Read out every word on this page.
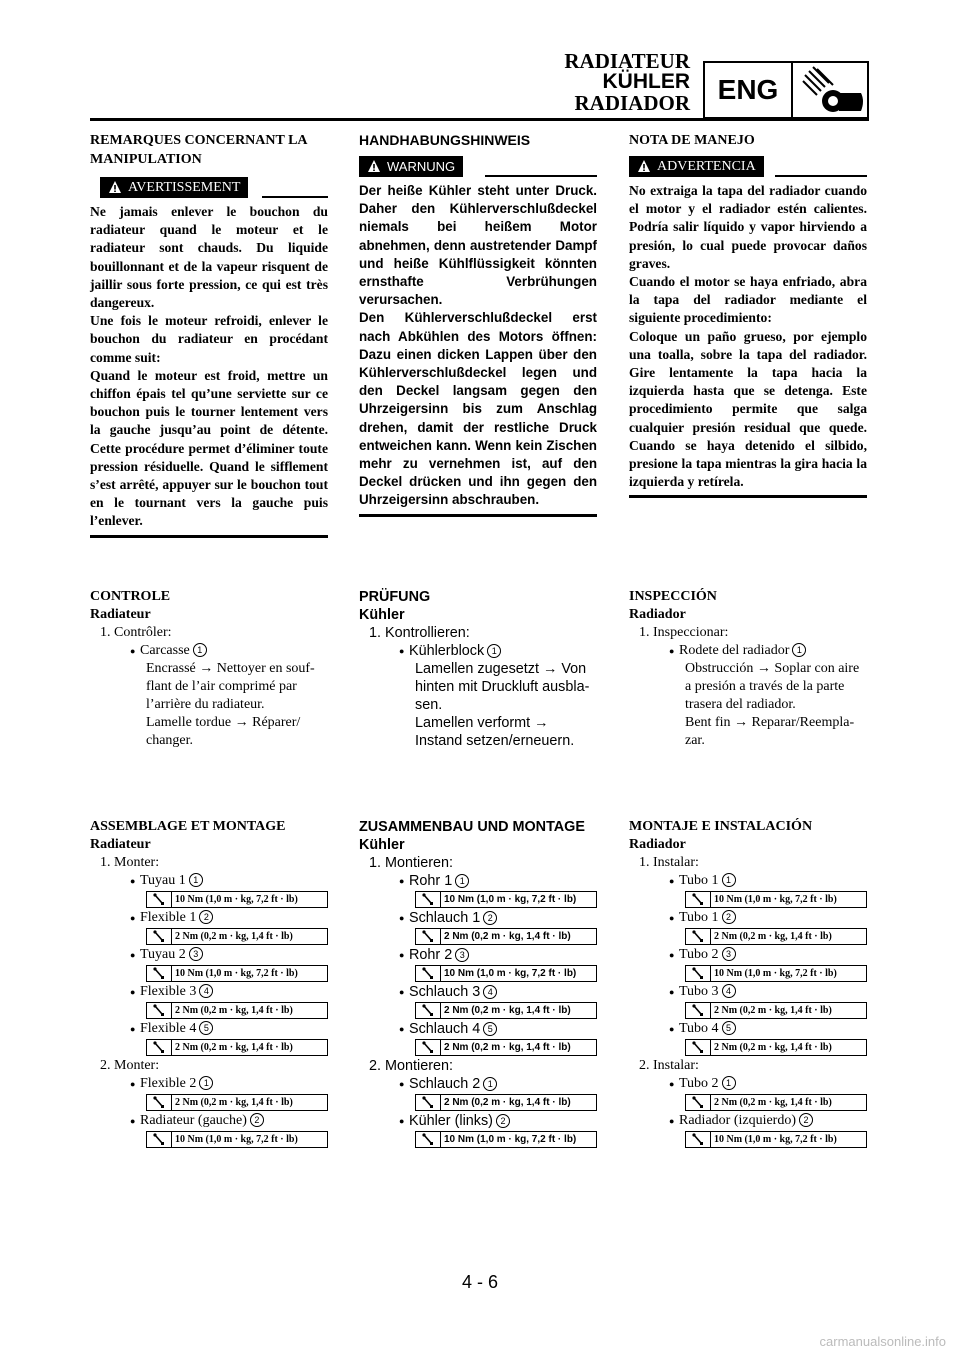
RADIATEUR
KÜHLER
RADIADOR ENG
REMARQUES CONCERNANT LA MANIPULATION
AVERTISSEMENT
Ne jamais enlever le bouchon du radiateur quand le moteur et le radiateur sont chauds. Du liquide bouillonnant et de la vapeur risquent de jaillir sous forte pression, ce qui est très dangereux.
Une fois le moteur refroidi, enlever le bouchon du radiateur en procédant comme suit:
Quand le moteur est froid, mettre un chiffon épais tel qu’une serviette sur ce bouchon puis le tourner lentement vers la gauche jusqu’au point de détente. Cette procédure permet d’éliminer toute pression résiduelle. Quand le sifflement s’est arrêté, appuyer sur le bouchon tout en le tournant vers la gauche puis l’enlever.
HANDHABUNGSHINWEIS
WARNUNG
Der heiße Kühler steht unter Druck. Daher den Kühlerverschlußdeckel niemals bei heißem Motor abnehmen, denn austretender Dampf und heiße Kühlflüssigkeit könnten ernsthafte Verbrühungen verursachen.
Den Kühlerverschlußdeckel erst nach Abkühlen des Motors öffnen: Dazu einen dicken Lappen über den Kühlerverschlußdeckel legen und den Deckel langsam gegen den Uhrzeigersinn bis zum Anschlag drehen, damit der restliche Druck entweichen kann. Wenn kein Zischen mehr zu vernehmen ist, auf den Deckel drücken und ihn gegen den Uhrzeigersinn abschrauben.
NOTA DE MANEJO
ADVERTENCIA
No extraiga la tapa del radiador cuando el motor y el radiador estén calientes. Podría salir líquido y vapor hirviendo a presión, lo cual puede provocar daños graves.
Cuando el motor se haya enfriado, abra la tapa del radiador mediante el siguiente procedimiento:
Coloque un paño grueso, por ejemplo una toalla, sobre la tapa del radiador. Gire lentamente la tapa hacia la izquierda hasta que se detenga. Este procedimiento permite que salga cualquier presión residual que quede. Cuando se haya detenido el silbido, presione la tapa mientras la gira hacia la izquierda y retírela.
CONTROLE
Radiateur
1. Contrôler:
● Carcasse 1
Encrassé → Nettoyer en souf-
flant de l’air comprimé par
l’arrière du radiateur.
Lamelle tordue → Réparer/
changer.
PRÜFUNG
Kühler
1. Kontrollieren:
● Kühlerblock 1
Lamellen zugesetzt → Von
hinten mit Druckluft ausbla-
sen.
Lamellen verformt →
Instand setzen/erneuern.
INSPECCIÓN
Radiador
1. Inspeccionar:
● Rodete del radiador 1
Obstrucción → Soplar con aire
a presión a través de la parte
trasera del radiador.
Bent fin → Reparar/Reempla-
zar.
ASSEMBLAGE ET MONTAGE
Radiateur
1. Monter:
● Tuyau 1 1
10 Nm (1,0 m · kg, 7,2 ft · lb)
● Flexible 1 2
2 Nm (0,2 m · kg, 1,4 ft · lb)
● Tuyau 2 3
10 Nm (1,0 m · kg, 7,2 ft · lb)
● Flexible 3 4
2 Nm (0,2 m · kg, 1,4 ft · lb)
● Flexible 4 5
2 Nm (0,2 m · kg, 1,4 ft · lb)
2. Monter:
● Flexible 2 1
2 Nm (0,2 m · kg, 1,4 ft · lb)
● Radiateur (gauche) 2
10 Nm (1,0 m · kg, 7,2 ft · lb)
ZUSAMMENBAU UND MONTAGE
Kühler
1. Montieren:
● Rohr 1 1
10 Nm (1,0 m · kg, 7,2 ft · lb)
● Schlauch 1 2
2 Nm (0,2 m · kg, 1,4 ft · lb)
● Rohr 2 3
10 Nm (1,0 m · kg, 7,2 ft · lb)
● Schlauch 3 4
2 Nm (0,2 m · kg, 1,4 ft · lb)
● Schlauch 4 5
2 Nm (0,2 m · kg, 1,4 ft · lb)
2. Montieren:
● Schlauch 2 1
2 Nm (0,2 m · kg, 1,4 ft · lb)
● Kühler (links) 2
10 Nm (1,0 m · kg, 7,2 ft · lb)
MONTAJE E INSTALACIÓN
Radiador
1. Instalar:
● Tubo 1 1
10 Nm (1,0 m · kg, 7,2 ft · lb)
● Tubo 1 2
2 Nm (0,2 m · kg, 1,4 ft · lb)
● Tubo 2 3
10 Nm (1,0 m · kg, 7,2 ft · lb)
● Tubo 3 4
2 Nm (0,2 m · kg, 1,4 ft · lb)
● Tubo 4 5
2 Nm (0,2 m · kg, 1,4 ft · lb)
2. Instalar:
● Tubo 2 1
2 Nm (0,2 m · kg, 1,4 ft · lb)
● Radiador (izquierdo) 2
10 Nm (1,0 m · kg, 7,2 ft · lb)
4 - 6
carmanualsonline.info
